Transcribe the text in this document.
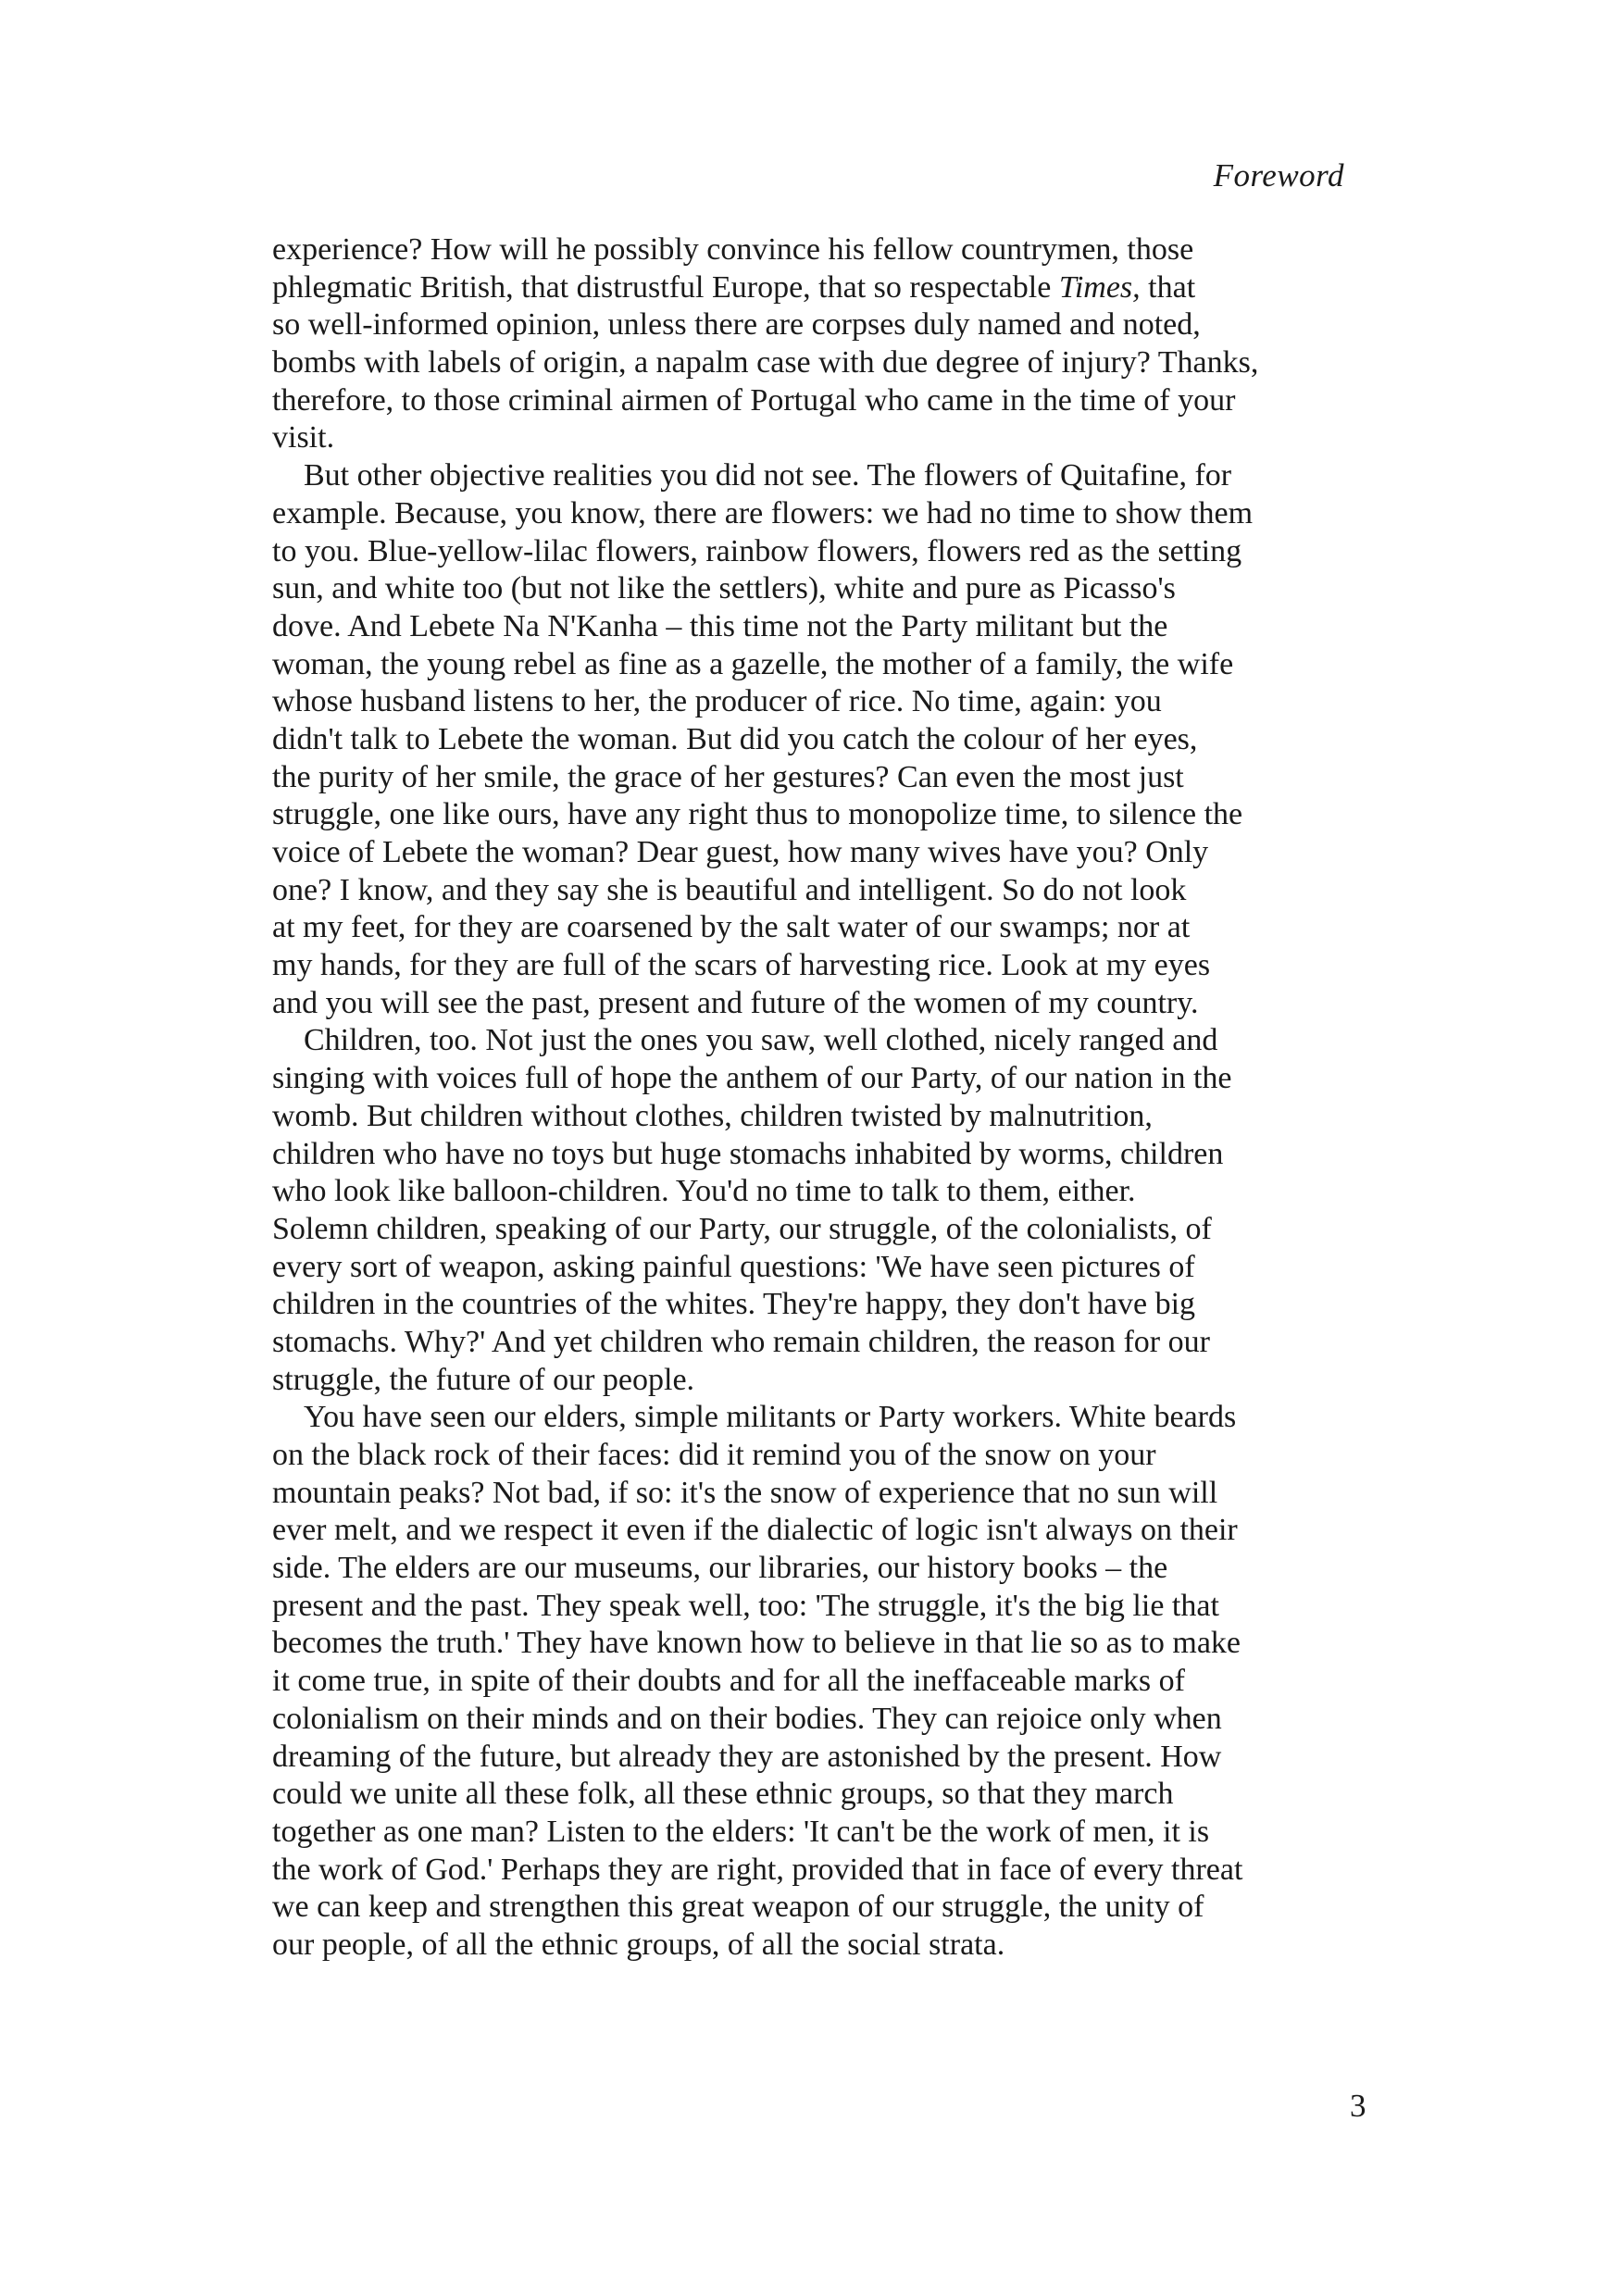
Foreword
experience? How will he possibly convince his fellow countrymen, those
phlegmatic British, that distrustful Europe, that so respectable Times, that
so well-informed opinion, unless there are corpses duly named and noted,
bombs with labels of origin, a napalm case with due degree of injury? Thanks,
therefore, to those criminal airmen of Portugal who came in the time of your
visit.
But other objective realities you did not see. The flowers of Quitafine, for
example. Because, you know, there are flowers: we had no time to show them
to you. Blue-yellow-lilac flowers, rainbow flowers, flowers red as the setting
sun, and white too (but not like the settlers), white and pure as Picasso's
dove. And Lebete Na N'Kanha – this time not the Party militant but the
woman, the young rebel as fine as a gazelle, the mother of a family, the wife
whose husband listens to her, the producer of rice. No time, again: you
didn't talk to Lebete the woman. But did you catch the colour of her eyes,
the purity of her smile, the grace of her gestures? Can even the most just
struggle, one like ours, have any right thus to monopolize time, to silence the
voice of Lebete the woman? Dear guest, how many wives have you? Only
one? I know, and they say she is beautiful and intelligent. So do not look
at my feet, for they are coarsened by the salt water of our swamps; nor at
my hands, for they are full of the scars of harvesting rice. Look at my eyes
and you will see the past, present and future of the women of my country.
Children, too. Not just the ones you saw, well clothed, nicely ranged and
singing with voices full of hope the anthem of our Party, of our nation in the
womb. But children without clothes, children twisted by malnutrition,
children who have no toys but huge stomachs inhabited by worms, children
who look like balloon-children. You'd no time to talk to them, either.
Solemn children, speaking of our Party, our struggle, of the colonialists, of
every sort of weapon, asking painful questions: 'We have seen pictures of
children in the countries of the whites. They're happy, they don't have big
stomachs. Why?' And yet children who remain children, the reason for our
struggle, the future of our people.
You have seen our elders, simple militants or Party workers. White beards
on the black rock of their faces: did it remind you of the snow on your
mountain peaks? Not bad, if so: it's the snow of experience that no sun will
ever melt, and we respect it even if the dialectic of logic isn't always on their
side. The elders are our museums, our libraries, our history books – the
present and the past. They speak well, too: 'The struggle, it's the big lie that
becomes the truth.' They have known how to believe in that lie so as to make
it come true, in spite of their doubts and for all the ineffaceable marks of
colonialism on their minds and on their bodies. They can rejoice only when
dreaming of the future, but already they are astonished by the present. How
could we unite all these folk, all these ethnic groups, so that they march
together as one man? Listen to the elders: 'It can't be the work of men, it is
the work of God.' Perhaps they are right, provided that in face of every threat
we can keep and strengthen this great weapon of our struggle, the unity of
our people, of all the ethnic groups, of all the social strata.
3
